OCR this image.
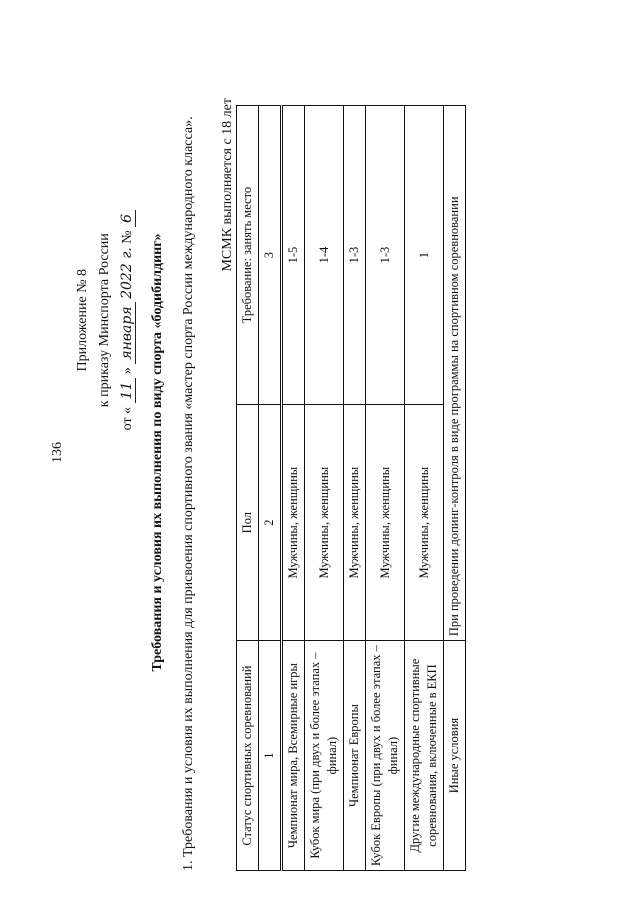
136
Приложение № 8 к приказу Минспорта России
от « 11 » января 2022 г. № 6
Требования и условия их выполнения по виду спорта «бодибилдинг» 1. Требования и условия их выполнения для присвоения спортивного звания «мастер спорта России международного класса». МСМК выполняется с 18 лет
Статус спортивных соревнований	Пол	Требование: занять место
1	2	3
Чемпионат мира, Всемирные игры	Мужчины, женщины	1-5
Кубок мира (при двух и более этапах – финал)	Мужчины, женщины	1-4
Чемпионат Европы	Мужчины, женщины	1-3
Кубок Европы (при двух и более этапах – финал)	Мужчины, женщины	1-3
Другие международные спортивные соревнования, включенные в ЕКП	Мужчины, женщины	1
Иные условия	При проведении допинг-контроля в виде программы на спортивном соревновании	
